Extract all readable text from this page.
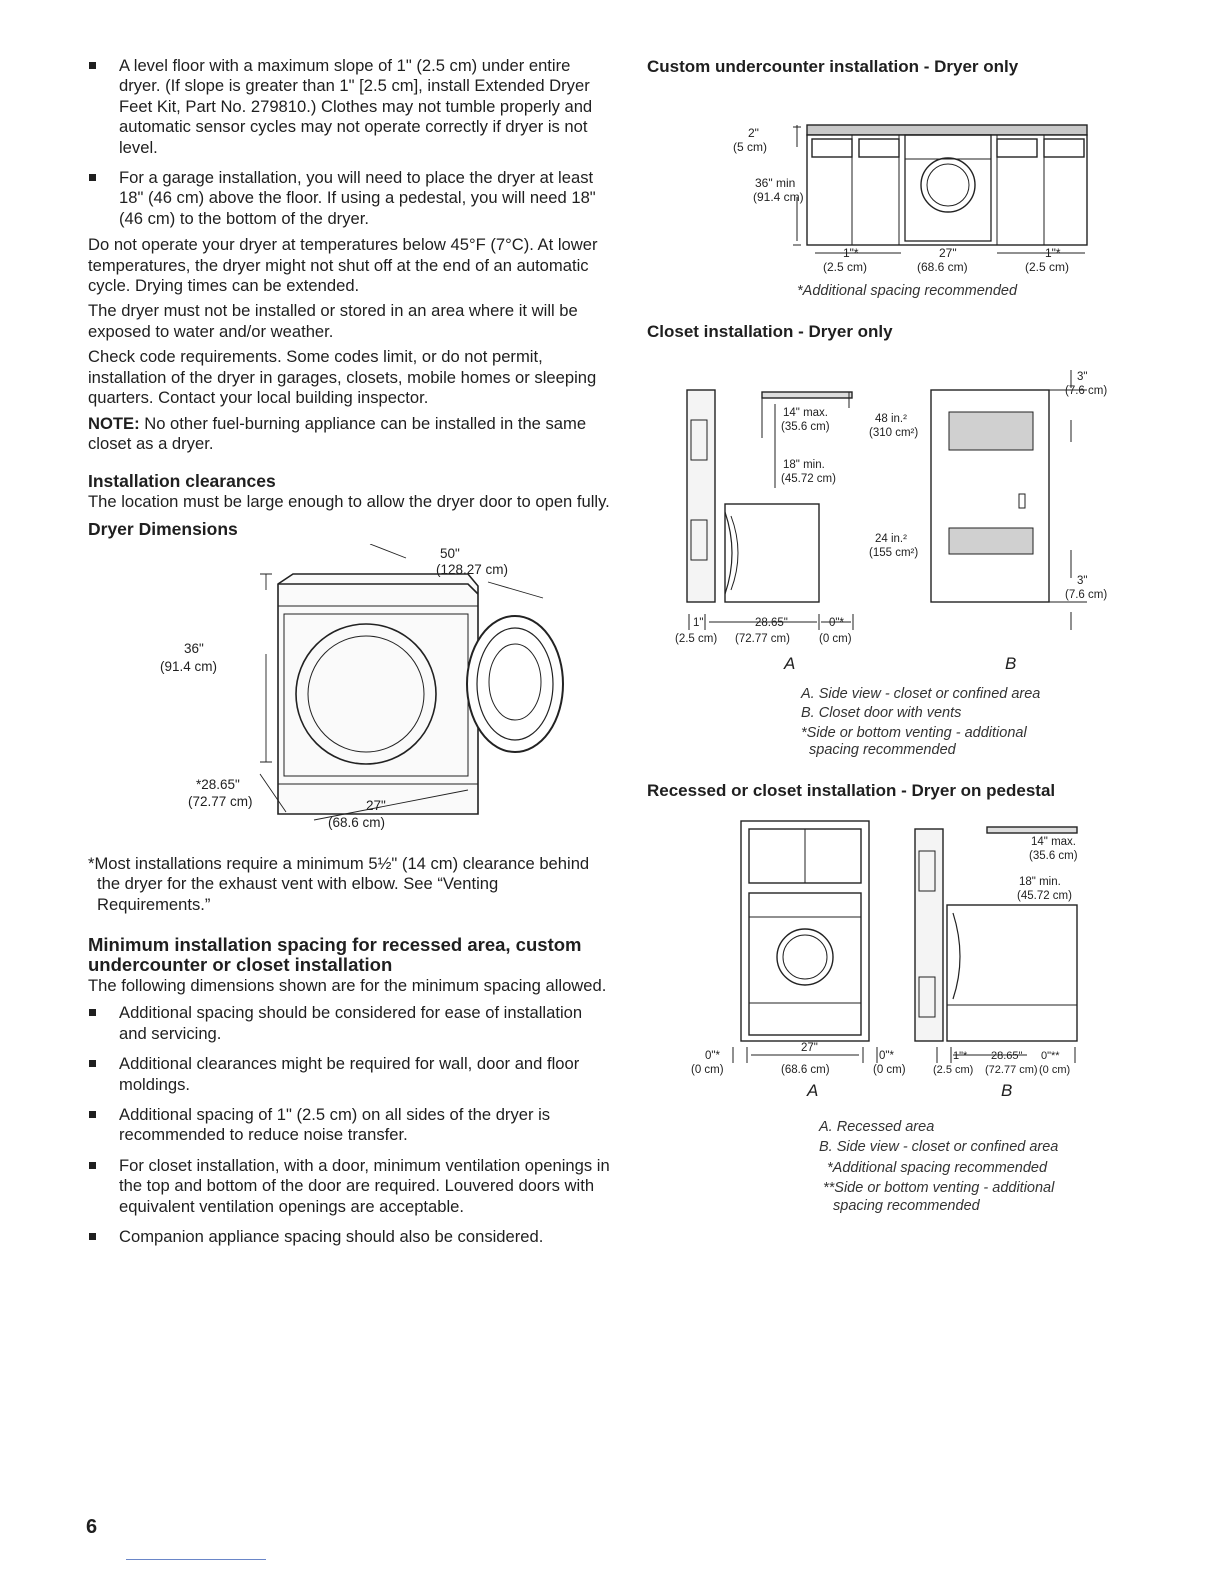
A level floor with a maximum slope of 1" (2.5 cm) under entire dryer. (If slope is greater than 1" [2.5 cm], install Extended Dryer Feet Kit, Part No. 279810.) Clothes may not tumble properly and automatic sensor cycles may not operate correctly if dryer is not level.

For a garage installation, you will need to place the dryer at least 18" (46 cm) above the floor. If using a pedestal, you will need 18" (46 cm) to the bottom of the dryer.

Do not operate your dryer at temperatures below 45°F (7°C). At lower temperatures, the dryer might not shut off at the end of an automatic cycle. Drying times can be extended.

The dryer must not be installed or stored in an area where it will be exposed to water and/or weather.

Check code requirements. Some codes limit, or do not permit, installation of the dryer in garages, closets, mobile homes or sleeping quarters. Contact your local building inspector.

NOTE: No other fuel-burning appliance can be installed in the same closet as a dryer.

Installation clearances

The location must be large enough to allow the dryer door to open fully.

Dryer Dimensions
50"
(128.27 cm)
36"
(91.4 cm)
*28.65"
(72.77 cm)	27"
(68.6 cm)

*Most installations require a minimum 5½" (14 cm) clearance behind the dryer for the exhaust vent with elbow. See “Venting Requirements.”

Minimum installation spacing for recessed area, custom undercounter or closet installation

The following dimensions shown are for the minimum spacing allowed.

Additional spacing should be considered for ease of installation and servicing.

Additional clearances might be required for wall, door and floor moldings.

Additional spacing of 1" (2.5 cm) on all sides of the dryer is recommended to reduce noise transfer.

For closet installation, with a door, minimum ventilation openings in the top and bottom of the door are required. Louvered doors with equivalent ventilation openings are acceptable.

Companion appliance spacing should also be considered.

Custom undercounter installation - Dryer only
2"
(5 cm)
36" min
(91.4 cm)
1"*
(2.5 cm)
27"
(68.6 cm)
1"*
(2.5 cm)

*Additional spacing recommended

Closet installation - Dryer only
14" max.
(35.6 cm)
18" min.
(45.72 cm)
48 in.²
(310 cm²)
24 in.²
(155 cm²)
3"
(7.6 cm)
3"
(7.6 cm)
1"
(2.5 cm)
28.65"
(72.77 cm)
0"*
(0 cm)
A	B

A. Side view - closet or confined area

B. Closet door with vents

*Side or bottom venting - additional spacing recommended

Recessed or closet installation - Dryer on pedestal
14" max.
(35.6 cm)
18" min.
(45.72 cm)
0"*
(0 cm)
27"
(68.6 cm)
0"*
(0 cm)
1"*
(2.5 cm)
28.65"
(72.77 cm)
0"**
(0 cm)
A	B

A. Recessed area

B. Side view - closet or confined area

*Additional spacing recommended

**Side or bottom venting - additional spacing recommended

6
